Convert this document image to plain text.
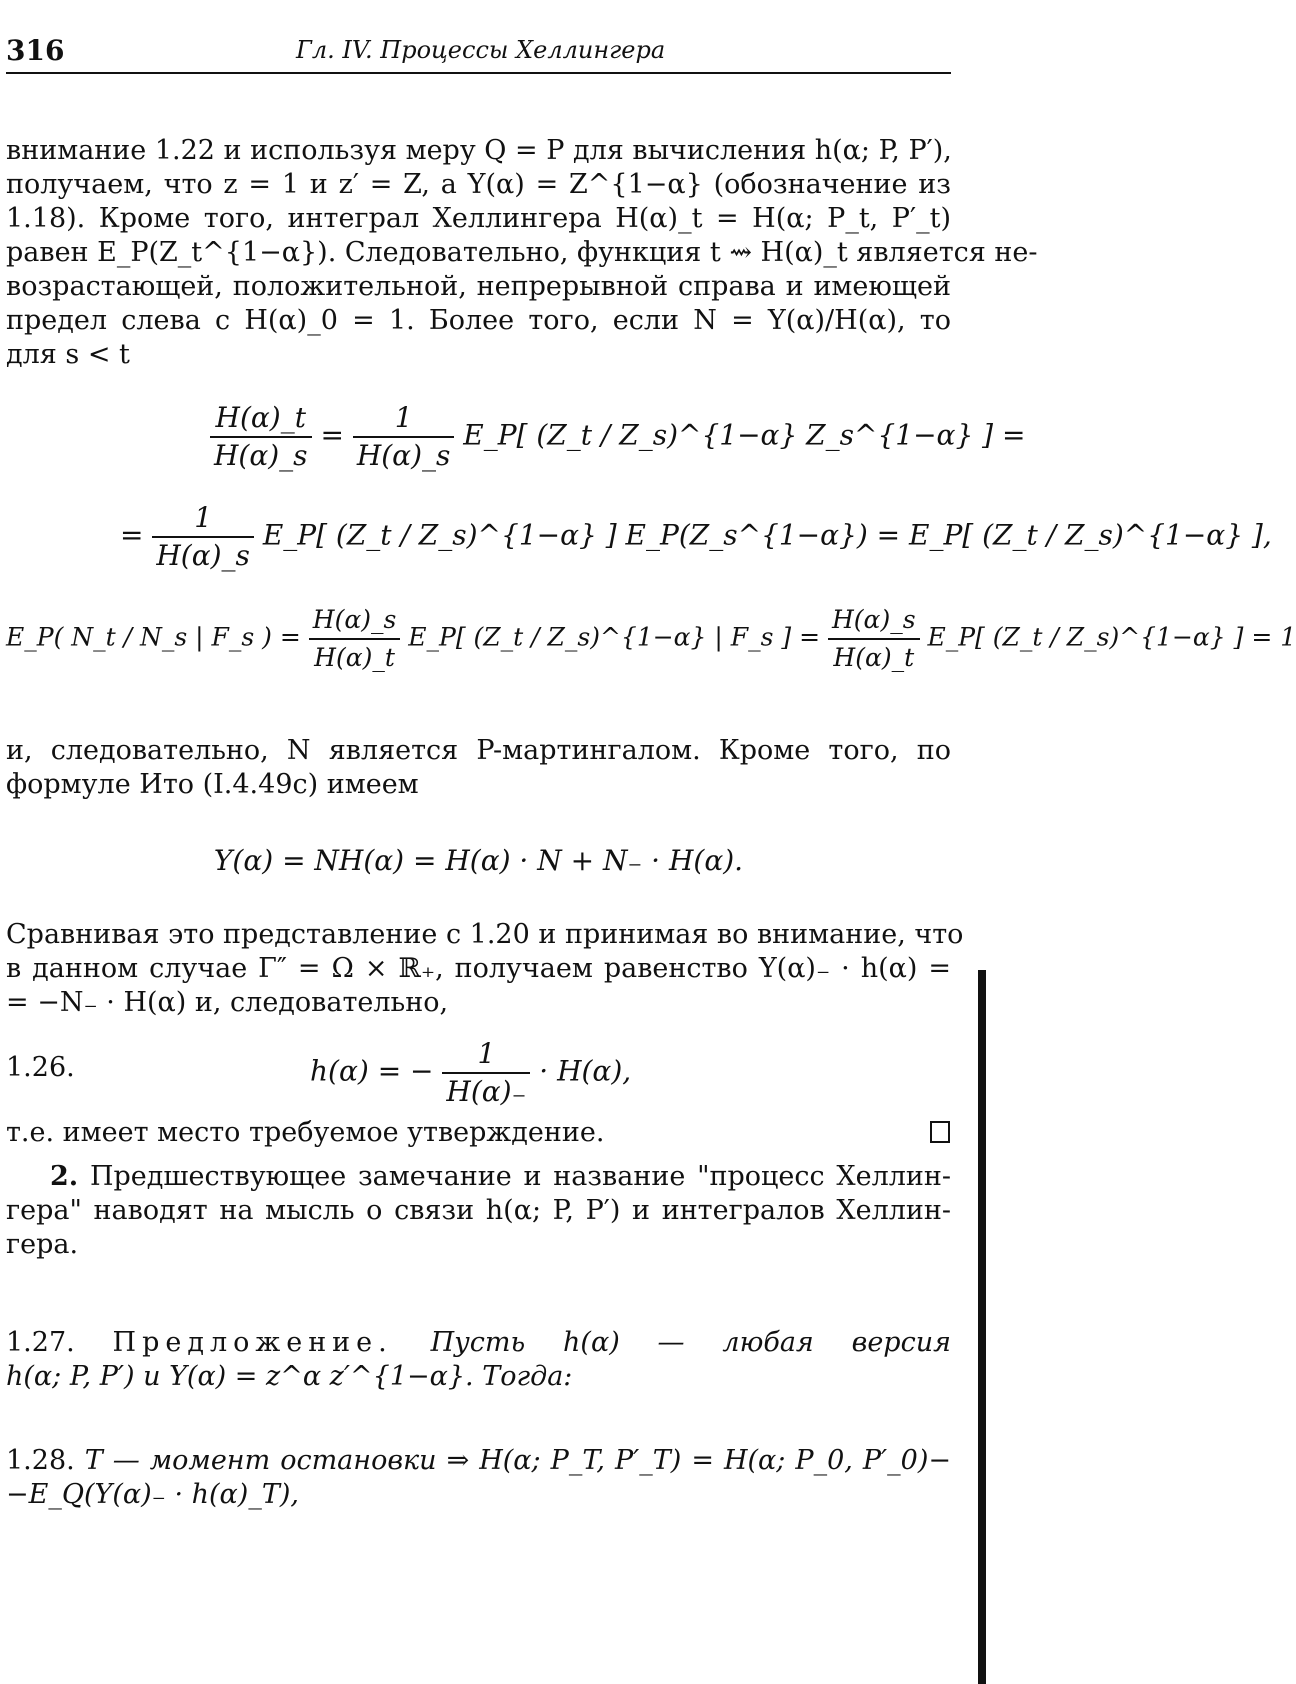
316	Гл. IV. Процессы Хеллингера
внимание 1.22 и используя меру Q = P для вычисления h(α; P, P′),
получаем, что z = 1 и z′ = Z, а Y(α) = Z^{1−α} (обозначение из
1.18). Кроме того, интеграл Хеллингера H(α)_t = H(α; P_t, P′_t)
равен E_P(Z_t^{1−α}). Следовательно, функция t ⇝ H(α)_t является не-
возрастающей, положительной, непрерывной справа и имеющей
предел слева с H(α)_0 = 1. Более того, если N = Y(α)/H(α), то
для s < t
$\frac{H(\alpha)\_t}{H(\alpha)\_s} = \frac{1}{H(\alpha)\_s}$ E_P[ (Z_t / Z_s)^{1−α} Z_s^{1−α} ] =
= $\frac{1}{H(\alpha)\_s}$ E_P[ (Z_t / Z_s)^{1−α} ] E_P(Z_s^{1−α}) = E_P[ (Z_t / Z_s)^{1−α} ],
E_P( N_t / N_s | F_s ) = $\frac{H(\alpha)\_s}{H(\alpha)\_t}$ E_P[ (Z_t / Z_s)^{1−α} | F_s ] = $\frac{H(\alpha)\_s}{H(\alpha)\_t}$ E_P[ (Z_t / Z_s)^{1−α} ] = 1
и, следовательно, N является P-мартингалом. Кроме того, по
формуле Ито (I.4.49c) имеем
Y(α) = NH(α) = H(α) · N + N₋ · H(α).
Сравнивая это представление с 1.20 и принимая во внимание, что
в данном случае Γ″ = Ω × ℝ₊, получаем равенство Y(α)₋ · h(α) =
= −N₋ · H(α) и, следовательно,
1.26.	h(α) = − $\frac{1}{H(\alpha)_-} \cdot H(\alpha)$,
т.е. имеет место требуемое утверждение.
2. Предшествующее замечание и название "процесс Хеллин-
гера" наводят на мысль о связи h(α; P, P′) и интегралов Хеллин-
гера.
1.27. Предложение. Пусть h(α) — любая версия
h(α; P, P′) и Y(α) = z^α z′^{1−α}. Тогда:
1.28. T — момент остановки ⇒ H(α; P_T, P′_T) = H(α; P_0, P′_0)−
−E_Q(Y(α)₋ · h(α)_T),
